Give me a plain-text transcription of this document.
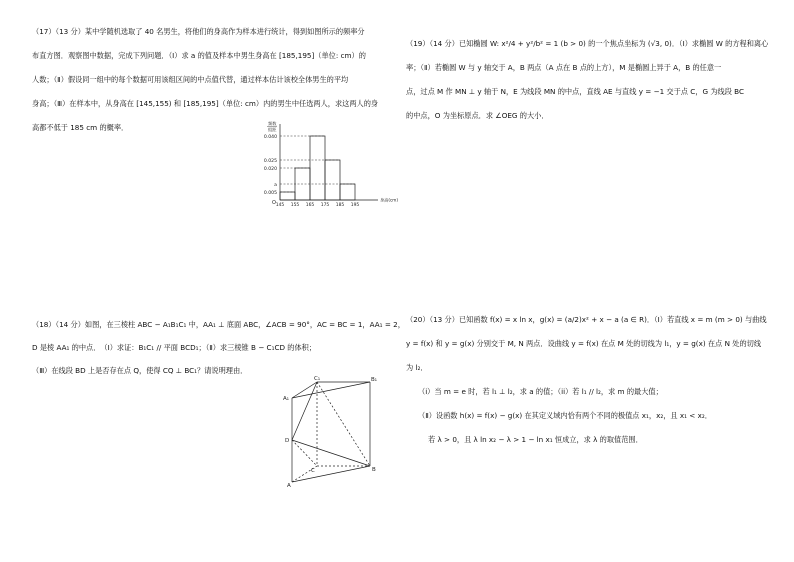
（17）（13 分）某中学随机选取了 40 名男生，将他们的身高作为样本进行统计，得到如图所示的频率分

布直方图．观察图中数据，完成下列问题．（Ⅰ）求 a 的值及样本中男生身高在 [185,195]（单位: cm）的

人数；（Ⅱ）假设同一组中的每个数据可用该组区间的中点值代替，通过样本估计该校全体男生的平均

身高；（Ⅲ）在样本中，从身高在 [145,155) 和 [185,195]（单位: cm）内的男生中任选两人，求这两人的身

高都不低于 185 cm 的概率．

0.040
0.025
0.020
a
0.005
145 155 165 175 185 195
频数
组距
身高(cm)
O

（18）（14 分）如图，在三棱柱 ABC − A₁B₁C₁ 中，AA₁ ⊥ 底面 ABC，∠ACB = 90°，AC = BC = 1，AA₁ = 2，

D 是棱 AA₁ 的中点．　（Ⅰ）求证：B₁C₁ // 平面 BCD₁；（Ⅱ）求三棱锥 B − C₁CD 的体积；

（Ⅲ）在线段 BD 上是否存在点 Q，使得 CQ ⊥ BC₁？请说明理由．

A₁
C₁	B₁
D
C
A
B

（19）（14 分）已知椭圆 W: x²/4 + y²/b² = 1 (b > 0) 的一个焦点坐标为 (√3, 0)．（Ⅰ）求椭圆 W 的方程和离心

率；（Ⅱ）若椭圆 W 与 y 轴交于 A，B 两点（A 点在 B 点的上方），M 是椭圆上异于 A，B 的任意一

点，过点 M 作 MN ⊥ y 轴于 N，E 为线段 MN 的中点，直线 AE 与直线 y = −1 交于点 C，G 为线段 BC

的中点，O 为坐标原点．求 ∠OEG 的大小．

（20）（13 分）已知函数 f(x) = x ln x，g(x) = (a/2)x² + x − a (a ∈ R)．（Ⅰ）若直线 x = m (m > 0) 与曲线

y = f(x) 和 y = g(x) 分别交于 M, N 两点．设曲线 y = f(x) 在点 M 处的切线为 l₁，y = g(x) 在点 N 处的切线

为 l₂．

（i）当 m = e 时，若 l₁ ⊥ l₂，求 a 的值；（ii）若 l₁ // l₂，求 m 的最大值；

（Ⅱ）设函数 h(x) = f(x) − g(x) 在其定义域内恰有两个不同的极值点 x₁，x₂，且 x₁ < x₂．

若 λ > 0，且 λ ln x₂ − λ > 1 − ln x₁ 恒成立，求 λ 的取值范围．
